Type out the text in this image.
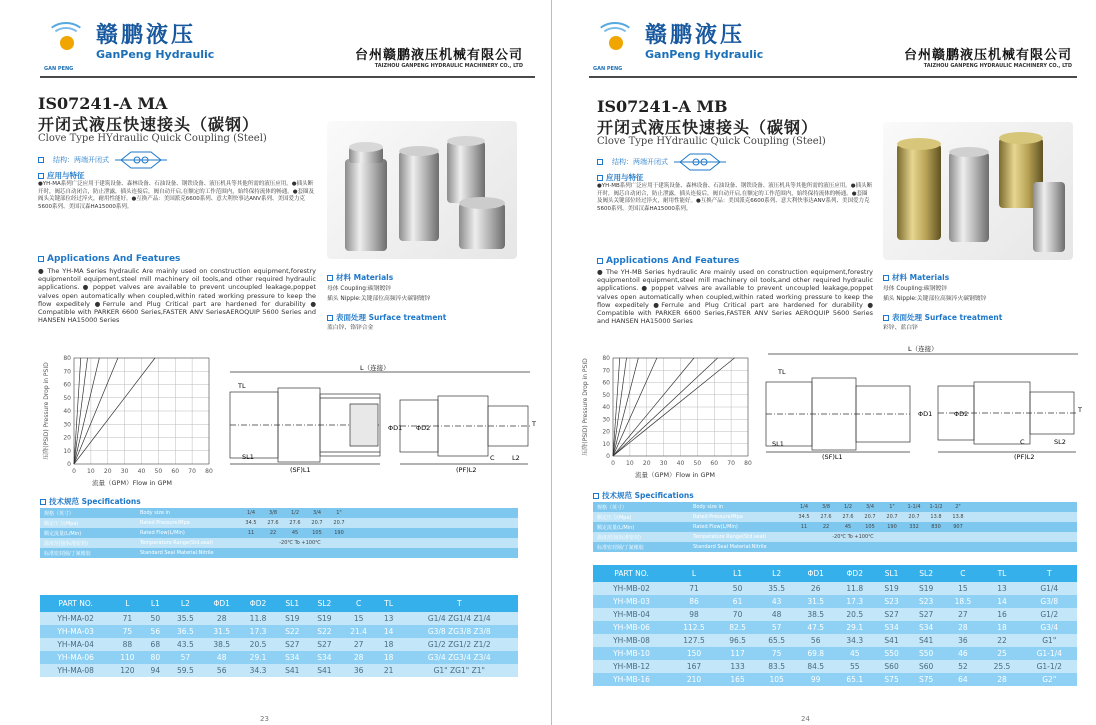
GAN PENG
赣鹏液压
GanPeng Hydraulic	台州赣鹏液压机械有限公司
TAIZHOU GANPENG HYDRAULIC MACHINERY CO., LTD
IS07241-A MA
开闭式液压快速接头（碳钢）
Clove Type HYdraulic Quick Coupling (Steel)
结构：两端开闭式
应用与特征
●YH-MA系列广泛应用于建筑设备、森林设备、石油设备、钢铁设备、液压机具等其他所需的液压应用。●插头断开时，阀芯自动闭合，防止泄露，插头连接后，阀自动开启,在额定的工作范围内，始终保持流体的畅通。●套圈及阀头关键部位经过淬火，耐用性能好。●互换产品：美国派克6600系列、意大利快事达ANV系列、美国爱力克5600系列、美国汉森HA15000系列。
Applications And Features
● The YH-MA Series hydraulic Are mainly used on construction equipment,forestry equipmentoil equipment,steel mill machinery oil tools,and other required hydraulic applications. ● poppet valves are available to prevent uncoupled leakage,poppet valves open automatically when coupled,within rated working pressure to keep the flow expeditely ●Ferrule and Plug Critical part are hardened for durability ● Compatible with PARKER 6600 Series,FASTER ANV SeriesAEROQUIP 5600 Series and HANSEN HA15000 Series
材料 Materials
母体 Coupling:碳钢镀锌
插头 Nipple:关键部位高频淬火碳钢镀锌
表面处理 Surface treatment
蓝白锌、铬锌合金
0
10
20
30
40
50
60
70
80
0 10 20 30 40 50 60 70 80
压降(PSID) Pressure Drop in PSID
流量（GPM）Flow in GPM
L（连接）
TL
ΦD1 ΦD2
SL1
(SF)L1	(PF)L2
L2
C
T
技术规范 Specifications
规格（英寸）	Body size in	1/4	3/8	1/2	3/4	1"
额定压力(Mpa)	Rated Pressure/Mpa	34.5	27.6	27.6	20.7	20.7
额定流量(L/Min)	Rated Flow(L/Min)	11	22	45	105	190
温度范围(标准密封)	Temperature Range(Std.seal)	-20℃ To +100℃
标准密封圈/丁氰橡胶	Standard Seal Material:Nitrile
PART NO.	L	L1	L2	ΦD1	ΦD2	SL1	SL2	C	TL	T
YH-MA-02	71	50	35.5	28	11.8	S19	S19	15	13	G1/4 ZG1/4 Z1/4
YH-MA-03	75	56	36.5	31.5	17.3	S22	S22	21.4	14	G3/8 ZG3/8 Z3/8
YH-MA-04	88	68	43.5	38.5	20.5	S27	S27	27	18	G1/2 ZG1/2 Z1/2
YH-MA-06	110	80	57	48	29.1	S34	S34	28	18	G3/4 ZG3/4 Z3/4
YH-MA-08	120	94	59.5	56	34.3	S41	S41	36	21	G1" ZG1" Z1"
23
GAN PENG
赣鹏液压
GanPeng Hydraulic	台州赣鹏液压机械有限公司
TAIZHOU GANPENG HYDRAULIC MACHINERY CO., LTD
IS07241-A MB
开闭式液压快速接头（碳钢）
Clove Type HYdraulic Quick Coupling (Steel)
结构：两端开闭式
应用与特征
●YH-MB系列广泛应用于建筑设备、森林设备、石油设备、钢铁设备、液压机具等其他所需的液压应用。●插头断开时，阀芯自动闭合，防止泄露，插头连接后，阀自动开启,在额定的工作范围内，始终保持流体的畅通。●套圈及阀头关键部位经过淬火，耐用性能好。●互换产品：美国派克6600系列、意大利快事达ANV系列、美国爱力克5600系列、美国汉森HA15000系列。
Applications And Features
● The YH-MB Series hydraulic Are mainly used on construction equipment,forestry equipmentoil equipment,steel mill machinery oil tools,and other required hydraulic applications. ● poppet valves are available to prevent uncoupled leakage,poppet valves open automatically when coupled,within rated working pressure to keep the flow expeditely ●Ferrule and Plug Critical part are hardened for durability ● Compatible with PARKER 6600 Series,FASTER ANV Series AEROQUIP 5600 Series and HANSEN HA15000 Series
材料 Materials
母体 Coupling:碳钢镀锌
插头 Nipple:关键部位高频淬火碳钢镀锌
表面处理 Surface treatment
彩锌、蓝白锌
0
10
20
30
40
50
60
70
80
0 10 20 30 40 50 60 70 80
压降(PSID) Pressure Drop in PSID
流量（GPM）Flow in GPM
L（连接）
TL
ΦD1	ΦD2
SL1
(SF)L1	(PF)L2
SL2
C
T
技术规范 Specifications
规格（英寸）	Body size in	1/4	3/8	1/2	3/4	1"	1-1/4	1-1/2	2"
额定压力(Mpa)	Rated Pressure/Mpa	34.5	27.6	27.6	20.7	20.7	20.7	13.8	13.8
额定流量(L/Min)	Rated Flow(L/Min)	11	22	45	105	190	332	830	907
温度范围(标准密封)	Temperature Range(Std.seal)	-20℃ To +100℃
标准密封圈/丁氰橡胶	Standard Seal Material:Nitrile
PART NO.	L	L1	L2	ΦD1	ΦD2	SL1	SL2	C	TL	T
YH-MB-02	71	50	35.5	26	11.8	S19	S19	15	13	G1/4
YH-MB-03	86	61	43	31.5	17.3	S23	S23	18.5	14	G3/8
YH-MB-04	98	70	48	38.5	20.5	S27	S27	27	16	G1/2
YH-MB-06	112.5	82.5	57	47.5	29.1	S34	S34	28	18	G3/4
YH-MB-08	127.5	96.5	65.5	56	34.3	S41	S41	36	22	G1"
YH-MB-10	150	117	75	69.8	45	S50	S50	46	25	G1-1/4
YH-MB-12	167	133	83.5	84.5	55	S60	S60	52	25.5	G1-1/2
YH-MB-16	210	165	105	99	65.1	S75	S75	64	28	G2"
24
